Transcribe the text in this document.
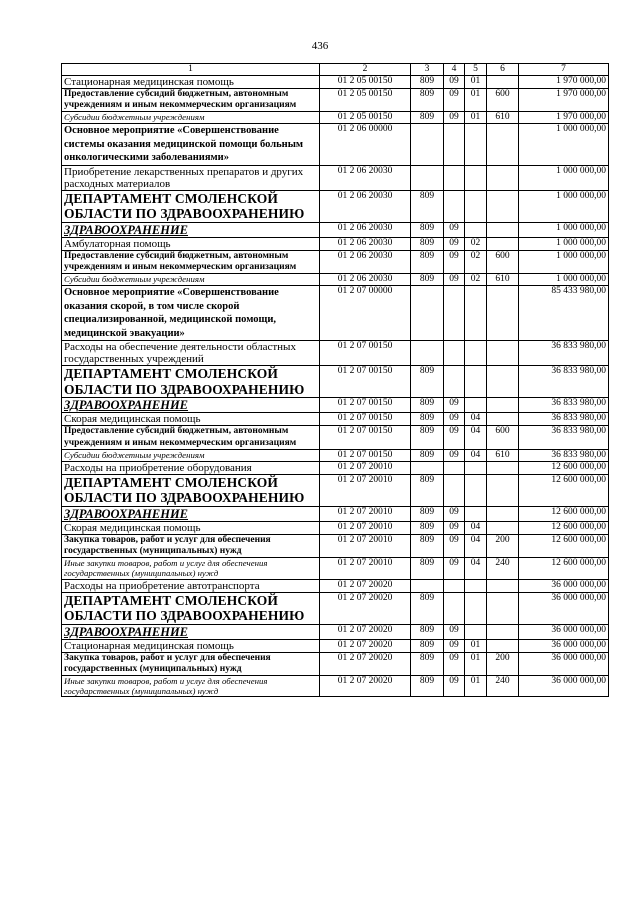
436
1	2	3	4	5	6	7
Стационарная медицинская помощь	01 2 05 00150	809	09	01		1 970 000,00
Предоставление субсидий бюджетным, автономным учреждениям и иным некоммерческим организациям	01 2 05 00150	809	09	01	600	1 970 000,00
Субсидии бюджетным учреждениям	01 2 05 00150	809	09	01	610	1 970 000,00
Основное мероприятие «Совершенствование системы оказания медицинской помощи больным онкологическими заболеваниями»	01 2 06 00000					1 000 000,00
Приобретение лекарственных препаратов и других расходных материалов	01 2 06 20030					1 000 000,00
ДЕПАРТАМЕНТ СМОЛЕНСКОЙ ОБЛАСТИ ПО ЗДРАВООХРАНЕНИЮ	01 2 06 20030	809				1 000 000,00
ЗДРАВООХРАНЕНИЕ	01 2 06 20030	809	09			1 000 000,00
Амбулаторная помощь	01 2 06 20030	809	09	02		1 000 000,00
Предоставление субсидий бюджетным, автономным учреждениям и иным некоммерческим организациям	01 2 06 20030	809	09	02	600	1 000 000,00
Субсидии бюджетным учреждениям	01 2 06 20030	809	09	02	610	1 000 000,00
Основное мероприятие «Совершенствование оказания скорой, в том числе скорой специализированной, медицинской помощи, медицинской эвакуации»	01 2 07 00000					85 433 980,00
Расходы на обеспечение деятельности областных государственных учреждений	01 2 07 00150					36 833 980,00
ДЕПАРТАМЕНТ СМОЛЕНСКОЙ ОБЛАСТИ ПО ЗДРАВООХРАНЕНИЮ	01 2 07 00150	809				36 833 980,00
ЗДРАВООХРАНЕНИЕ	01 2 07 00150	809	09			36 833 980,00
Скорая медицинская помощь	01 2 07 00150	809	09	04		36 833 980,00
Предоставление субсидий бюджетным, автономным учреждениям и иным некоммерческим организациям	01 2 07 00150	809	09	04	600	36 833 980,00
Субсидии бюджетным учреждениям	01 2 07 00150	809	09	04	610	36 833 980,00
Расходы на приобретение оборудования	01 2 07 20010					12 600 000,00
ДЕПАРТАМЕНТ СМОЛЕНСКОЙ ОБЛАСТИ ПО ЗДРАВООХРАНЕНИЮ	01 2 07 20010	809				12 600 000,00
ЗДРАВООХРАНЕНИЕ	01 2 07 20010	809	09			12 600 000,00
Скорая медицинская помощь	01 2 07 20010	809	09	04		12 600 000,00
Закупка товаров, работ и услуг для обеспечения государственных (муниципальных) нужд	01 2 07 20010	809	09	04	200	12 600 000,00
Иные закупки товаров, работ и услуг для обеспечения государственных (муниципальных) нужд	01 2 07 20010	809	09	04	240	12 600 000,00
Расходы на приобретение автотранспорта	01 2 07 20020					36 000 000,00
ДЕПАРТАМЕНТ СМОЛЕНСКОЙ ОБЛАСТИ ПО ЗДРАВООХРАНЕНИЮ	01 2 07 20020	809				36 000 000,00
ЗДРАВООХРАНЕНИЕ	01 2 07 20020	809	09			36 000 000,00
Стационарная медицинская помощь	01 2 07 20020	809	09	01		36 000 000,00
Закупка товаров, работ и услуг для обеспечения государственных (муниципальных) нужд	01 2 07 20020	809	09	01	200	36 000 000,00
Иные закупки товаров, работ и услуг для обеспечения государственных (муниципальных) нужд	01 2 07 20020	809	09	01	240	36 000 000,00
